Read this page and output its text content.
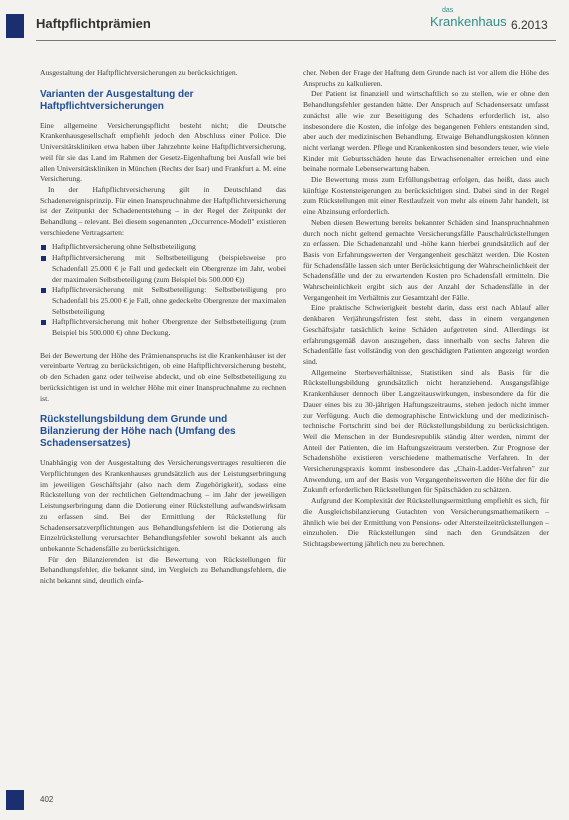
Haftpflichtprämien
das
Krankenhaus 6.2013

Ausgestaltung der Haftpflichtversicherungen zu berücksichtigen.

Varianten der Ausgestaltung der Haftpflichtversicherungen

Eine allgemeine Versicherungspflicht besteht nicht; die Deutsche Krankenhausgesellschaft empfiehlt jedoch den Abschluss einer Police. Die Universitätskliniken etwa haben über Jahrzehnte keine Haftpflichtversicherung, weil für sie das Land im Rahmen der Gesetz-Eigenhaftung bei Ausfall wie bei allen Universitätskliniken in München (Rechts der Isar) und Frankfurt a. M. eine Versicherung.

In der Haftpflichtversicherung gilt in Deutschland das Schadenereignisprinzip. Für einen Inanspruchnahme der Haftpflichtversicherung ist der Zeitpunkt der Schadenentstehung – in der Regel der Zeitpunkt der Behandlung – relevant. Bei diesem sogenannten „Occurrence-Modell" existieren verschiedene Vertragsarten:

Haftpflichtversicherung ohne Selbstbeteiligung
Haftpflichtversicherung mit Selbstbeteiligung (beispielsweise pro Schadenfall 25.000 € je Fall und gedeckelt ein Obergrenze im Jahr, wobei der maximalen Selbstbeteiligung (zum Beispiel bis 500.000 €))
Haftpflichtversicherung mit Selbstbeteiligung: Selbstbeteiligung pro Schadenfall bis 25.000 € je Fall, ohne gedeckelte Obergrenze der maximalen Selbstbeteiligung
Haftpflichtversicherung mit hoher Obergrenze der Selbstbeteiligung (zum Beispiel bis 500.000 €) ohne Deckung.

Bei der Bewertung der Höhe des Prämienanspruchs ist die Krankenhäuser ist der vereinbarte Vertrag zu berücksichtigen, ob eine Haftpflichtversicherung besteht, ob den Schaden ganz oder teilweise abdeckt, und ob eine Selbstbeteiligung zu berücksichtigen ist und in welcher Höhe mit einer Inanspruchnahme zu rechnen ist.

Rückstellungsbildung dem Grunde und Bilanzierung der Höhe nach (Umfang des Schadensersatzes)

Unabhängig von der Ausgestaltung des Versicherungsvertrages resultieren die Verpflichtungen des Krankenhauses grundsätzlich aus der Leistungserbringung im jeweiligen Geschäftsjahr (also nach dem Zugehörigkeit), sodass eine Rückstellung von der rechtlichen Geltendmachung – im Jahr der jeweiligen Leistungserbringung dann die Dotierung einer Rückstellung aufwandswirksam zu erfassen sind. Bei der Ermittlung der Rückstellung für Schadensersatzverpflichtungen aus Behandlungsfehlern ist die Dotierung als Einzelrückstellung verursachter Behandlungsfehler sowohl bekannt als auch unbekannte Schadensfälle zu berücksichtigen.

Für den Bilanzierenden ist die Bewertung von Rückstellungen für Behandlungsfehler, die bekannt sind, im Vergleich zu Behandlungsfehlern, die nicht bekannt sind, deutlich einfa-

cher. Neben der Frage der Haftung dem Grunde nach ist vor allem die Höhe des Anspruchs zu kalkulieren.

Der Patient ist finanziell und wirtschaftlich so zu stellen, wie er ohne den Behandlungsfehler gestanden hätte. Der Anspruch auf Schadensersatz umfasst zunächst alle wie zur Beseitigung des Schadens erforderlich ist, also insbesondere die Kosten, die infolge des begangenen Fehlers entstanden sind, aber auch der medizinischen Behandlung. Etwaige Behandlungskosten können nicht verlangt werden. Pflege und Krankenkosten sind besonders teuer, wie viele Kinder mit Geburtsschäden heute das Erwachsenenalter erreichen und eine beinahe normale Lebenserwartung haben.

Die Bewertung muss zum Erfüllungsbetrag erfolgen, das heißt, dass auch künftige Kostensteigerungen zu berücksichtigen sind. Dabei sind in der Regel zum Rückstellungen mit einer Restlaufzeit von mehr als einem Jahr handelt, ist eine Abzinsung erforderlich.

Neben diesen Bewertung bereits bekannter Schäden sind Inanspruchnahmen durch noch nicht geltend gemachte Versicherungsfälle Pauschalrückstellungen zu erfassen. Die Schadenanzahl und -höhe kann hierbei grundsätzlich auf der Basis von Erfahrungswerten der Vergangenheit geschätzt werden. Die Kosten für Schadensfälle lassen sich unter Berücksichtigung der Wahrscheinlichkeit der Schadensfälle und der zu erwartenden Kosten pro Schadensfall ermitteln. Die Wahrscheinlichkeit ergibt sich aus der Anzahl der Schadensfälle in der Vergangenheit im Verhältnis zur Gesamtzahl der Fälle.

Eine praktische Schwierigkeit besteht darin, dass erst nach Ablauf aller denkbaren Verjährungsfristen fest steht, dass in einem vergangenen Geschäftsjahr tatsächlich keine Schäden aufgetreten sind. Allerdings ist erfahrungsgemäß davon auszugehen, dass innerhalb von sechs Jahren die Schadenfälle fast vollständig von den geschädigten Patienten angezeigt worden sind.

Allgemeine Sterbeverhältnisse, Statistiken sind als Basis für die Rückstellungsbildung grundsätzlich nicht heranziehend. Ausgangsfähige Krankenhäuser dennoch über Langzeitauswirkungen, insbesondere da für die Dauer eines bis zu 30-jährigen Haftungszeitraums, stehen jedoch nicht immer zur Verfügung. Auch die demographische Entwicklung und der medizinisch-technische Fortschritt sind bei der Rückstellungsbildung zu berücksichtigen. Weil die Menschen in der Bundesrepublik ständig älter werden, nimmt der Anteil der Patienten, die im Haftungszeitraum versterben. Zur Prognose der Schadenshöhe existieren verschiedene mathematische Verfahren. In der Versicherungspraxis kommt insbesondere das „Chain-Ladder-Verfahren" zur Anwendung, um auf der Basis von Vergangenheitswerten die Höhe der für die Zukunft erforderlichen Rückstellungen für Spätschäden zu schätzen.

Aufgrund der Komplexität der Rückstellungsermittlung empfiehlt es sich, für die Ausgleichsbilanzierung Gutachten von Versicherungsmathematikern – ähnlich wie bei der Ermittlung von Pensions- oder Altersteilzeitrückstellungen – einzuholen. Die Rückstellungen sind nach den Grundsätzen der Stichtagsbewertung jährlich neu zu berechnen.

402
